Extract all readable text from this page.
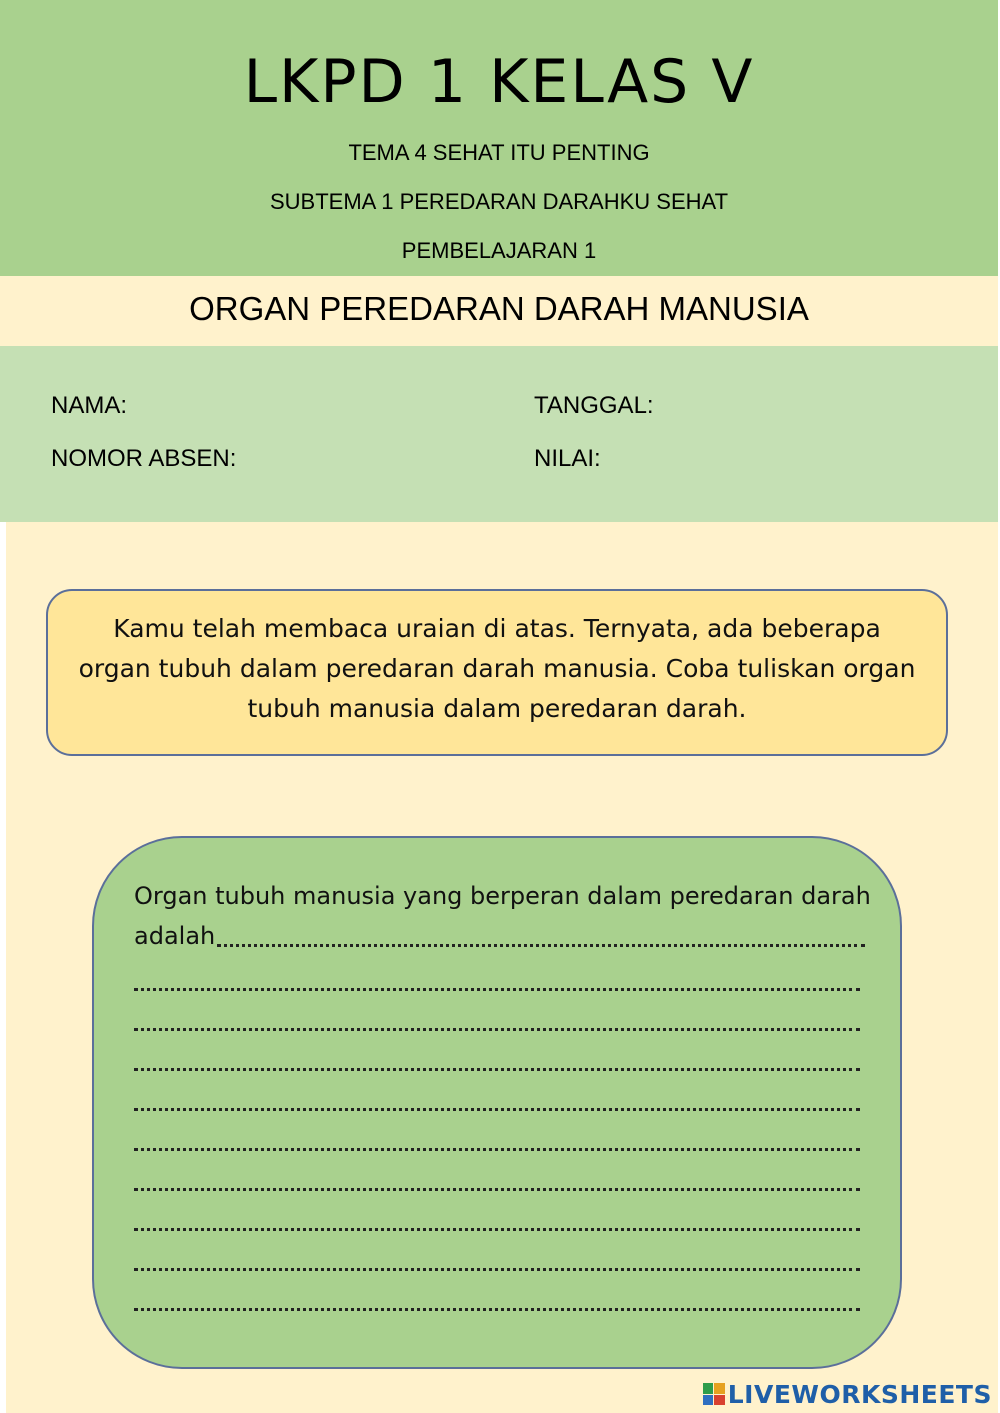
LKPD 1 KELAS V
TEMA 4 SEHAT ITU PENTING
SUBTEMA 1 PEREDARAN DARAHKU SEHAT
PEMBELAJARAN 1
ORGAN PEREDARAN DARAH MANUSIA
NAMA:	TANGGAL:
NOMOR ABSEN:	NILAI:

Kamu telah membaca uraian di atas. Ternyata, ada beberapa organ tubuh dalam peredaran darah manusia. Coba tuliskan organ tubuh manusia dalam peredaran darah.

Organ tubuh manusia yang berperan dalam peredaran darah
adalah
LIVEWORKSHEETS
